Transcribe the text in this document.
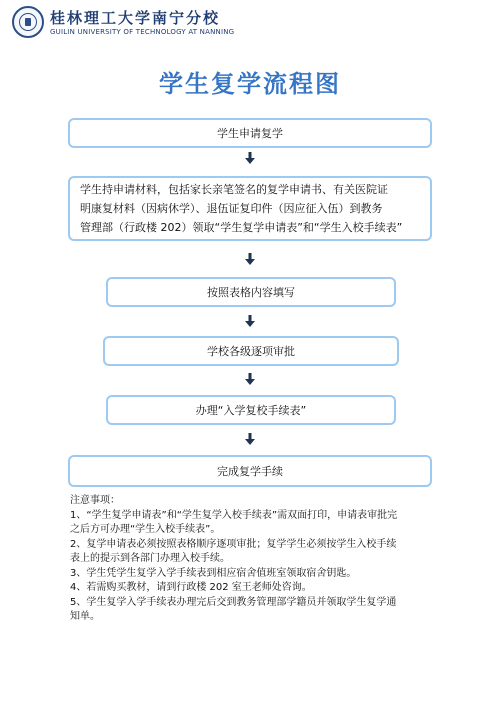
桂林理工大学南宁分校
GUILIN UNIVERSITY OF TECHNOLOGY AT NANNING
学生复学流程图
学生申请复学
学生持申请材料，包括家长亲笔签名的复学申请书、有关医院证
明康复材料（因病休学）、退伍证复印件（因应征入伍）到教务
管理部（行政楼 202）领取“学生复学申请表”和“学生入校手续表”
按照表格内容填写
学校各级逐项审批
办理“入学复校手续表”
完成复学手续
注意事项：
1、“学生复学申请表”和“学生复学入校手续表”需双面打印，申请表审批完
之后方可办理“学生入校手续表”。
2、复学申请表必须按照表格顺序逐项审批；复学学生必须按学生入校手续
表上的提示到各部门办理入校手续。
3、学生凭学生复学入学手续表到相应宿舍值班室领取宿舍钥匙。
4、若需购买教材，请到行政楼 202 室王老师处咨询。
5、学生复学入学手续表办理完后交到教务管理部学籍员并领取学生复学通
知单。
